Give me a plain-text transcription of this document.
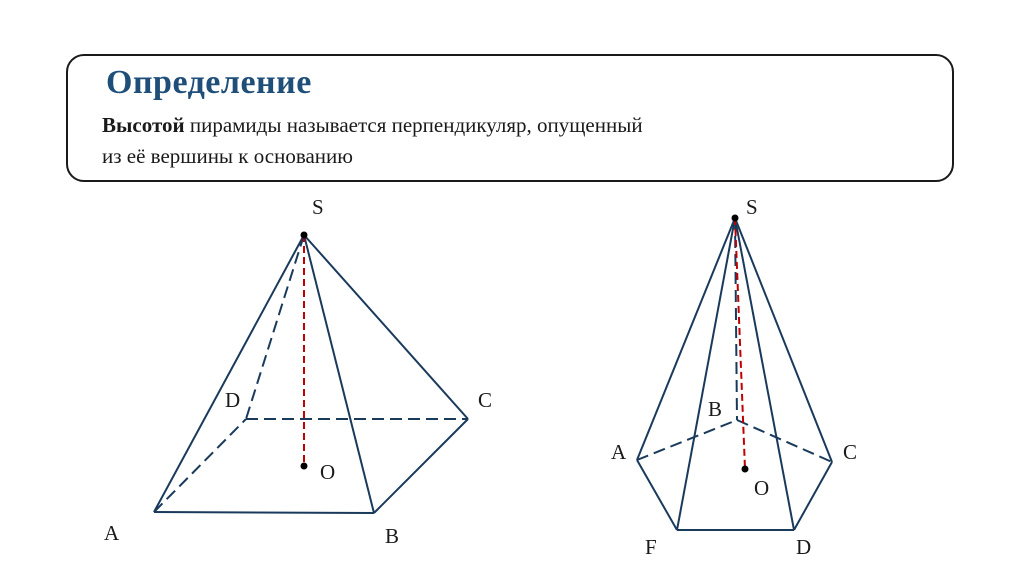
Определение
Высотой пирамиды называется перпендикуляр, опущенный
из её вершины к основанию
S
D	C
O
A	B
S
B
A	C
O
F	D
